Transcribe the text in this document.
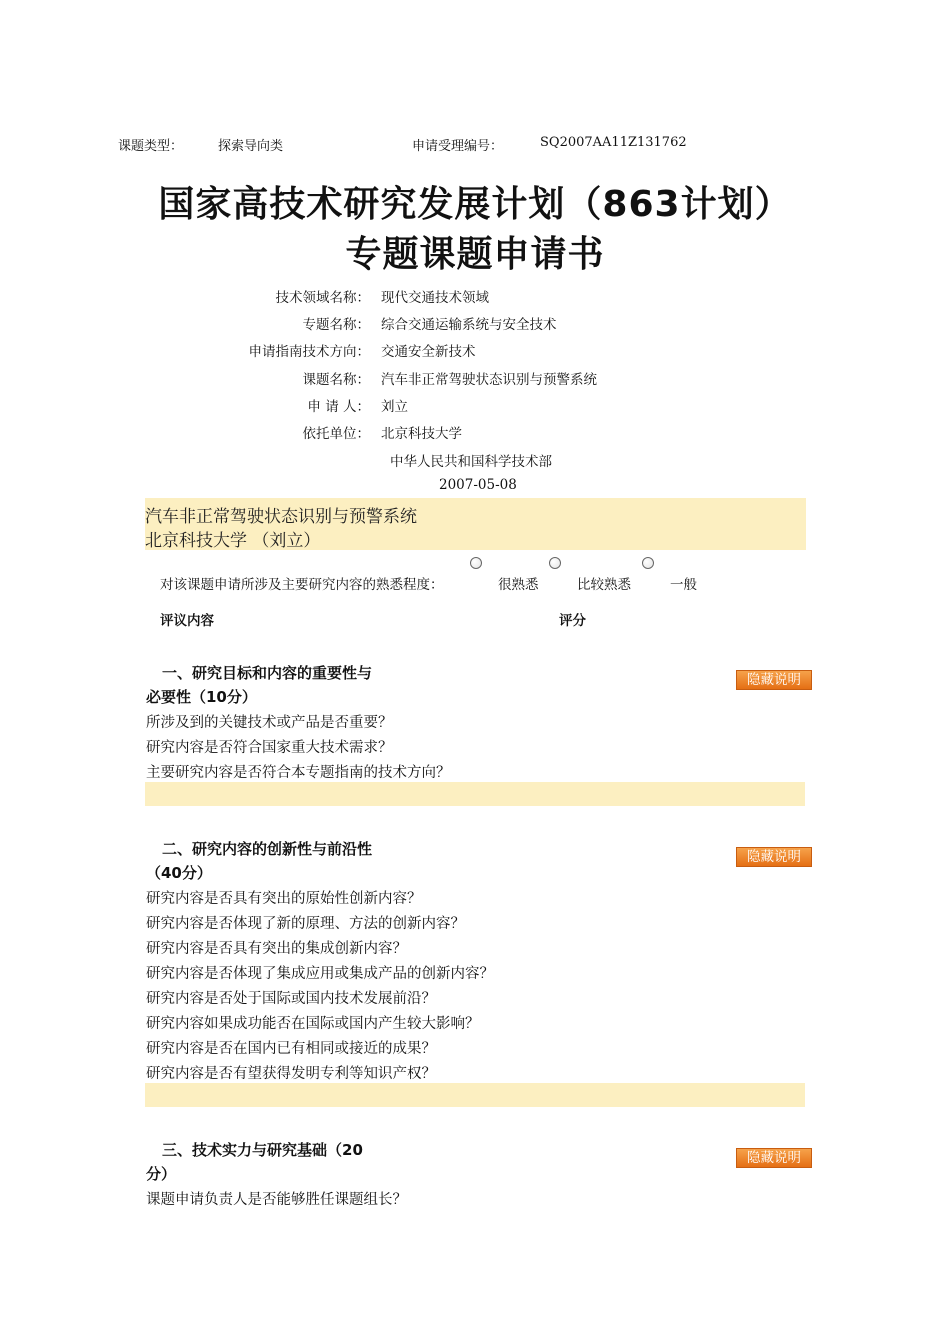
课题类型：	探索导向类	申请受理编号：	SQ2007AA11Z131762
国家高技术研究发展计划（863计划）
专题课题申请书
技术领域名称： 现代交通技术领域
专题名称： 综合交通运输系统与安全技术
申请指南技术方向： 交通安全新技术
课题名称： 汽车非正常驾驶状态识别与预警系统
申 请 人： 刘立
依托单位： 北京科技大学
中华人民共和国科学技术部
2007-05-08
汽车非正常驾驶状态识别与预警系统
北京科技大学 （刘立）
对该课题申请所涉及主要研究内容的熟悉程度：	很熟悉	比较熟悉	一般
评议内容	评分
一、研究目标和内容的重要性与
必要性（10分）
隐藏说明
所涉及到的关键技术或产品是否重要？
研究内容是否符合国家重大技术需求？
主要研究内容是否符合本专题指南的技术方向？
二、研究内容的创新性与前沿性
（40分）
隐藏说明
研究内容是否具有突出的原始性创新内容？
研究内容是否体现了新的原理、方法的创新内容？
研究内容是否具有突出的集成创新内容？
研究内容是否体现了集成应用或集成产品的创新内容？
研究内容是否处于国际或国内技术发展前沿？
研究内容如果成功能否在国际或国内产生较大影响？
研究内容是否在国内已有相同或接近的成果？
研究内容是否有望获得发明专利等知识产权？
三、技术实力与研究基础（20
分）
隐藏说明
课题申请负责人是否能够胜任课题组长？
